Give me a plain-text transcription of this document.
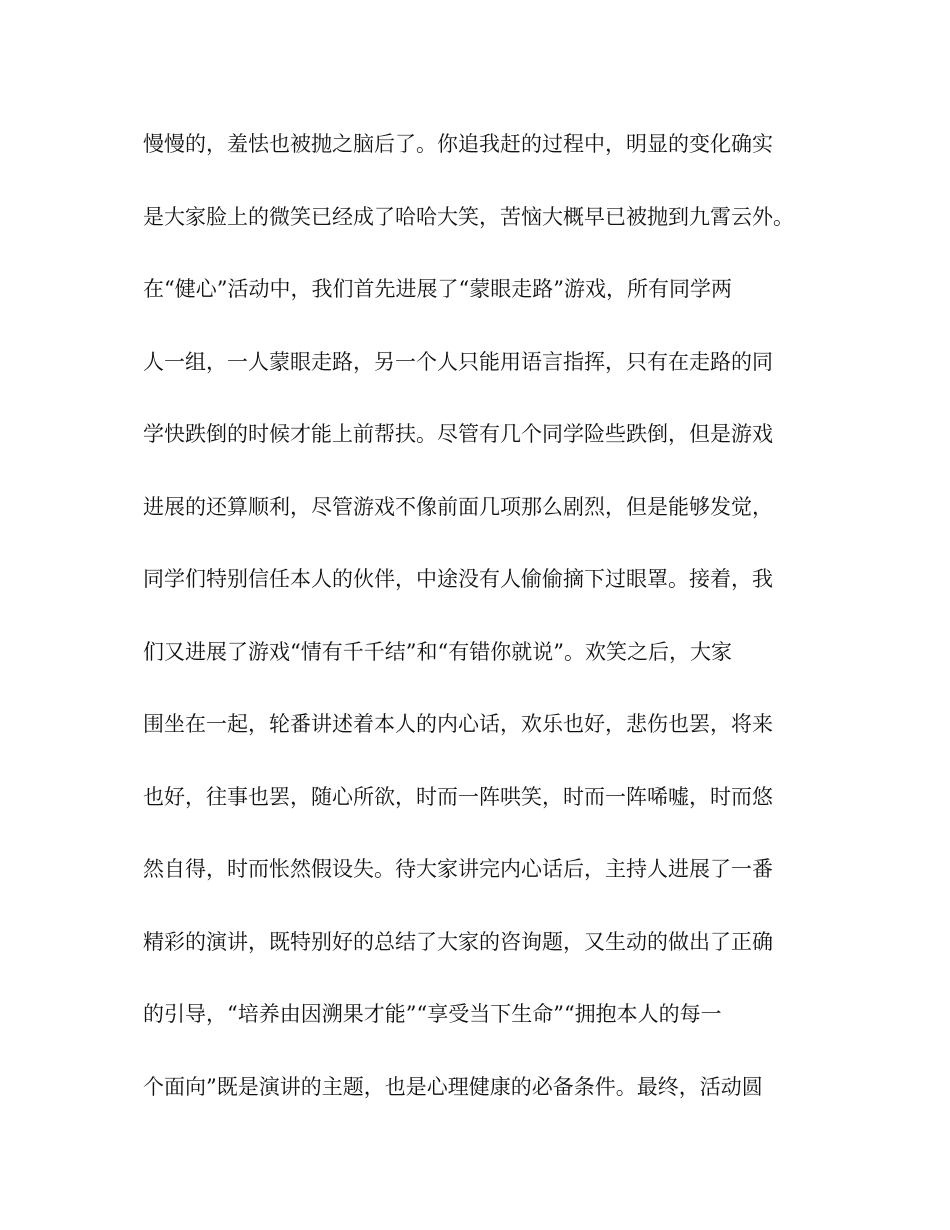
慢慢的，羞怯也被抛之脑后了。你追我赶的过程中，明显的变化确实
是大家脸上的微笑已经成了哈哈大笑，苦恼大概早已被抛到九霄云外。
在“健心”活动中，我们首先进展了“蒙眼走路”游戏，所有同学两
人一组，一人蒙眼走路，另一个人只能用语言指挥，只有在走路的同
学快跌倒的时候才能上前帮扶。尽管有几个同学险些跌倒，但是游戏
进展的还算顺利，尽管游戏不像前面几项那么剧烈，但是能够发觉，
同学们特别信任本人的伙伴，中途没有人偷偷摘下过眼罩。接着，我
们又进展了游戏“情有千千结”和“有错你就说”。欢笑之后，大家
围坐在一起，轮番讲述着本人的内心话，欢乐也好，悲伤也罢，将来
也好，往事也罢，随心所欲，时而一阵哄笑，时而一阵唏嘘，时而悠
然自得，时而怅然假设失。待大家讲完内心话后，主持人进展了一番
精彩的演讲，既特别好的总结了大家的咨询题，又生动的做出了正确
的引导，“培养由因溯果才能”“享受当下生命”“拥抱本人的每一
个面向”既是演讲的主题，也是心理健康的必备条件。最终，活动圆
